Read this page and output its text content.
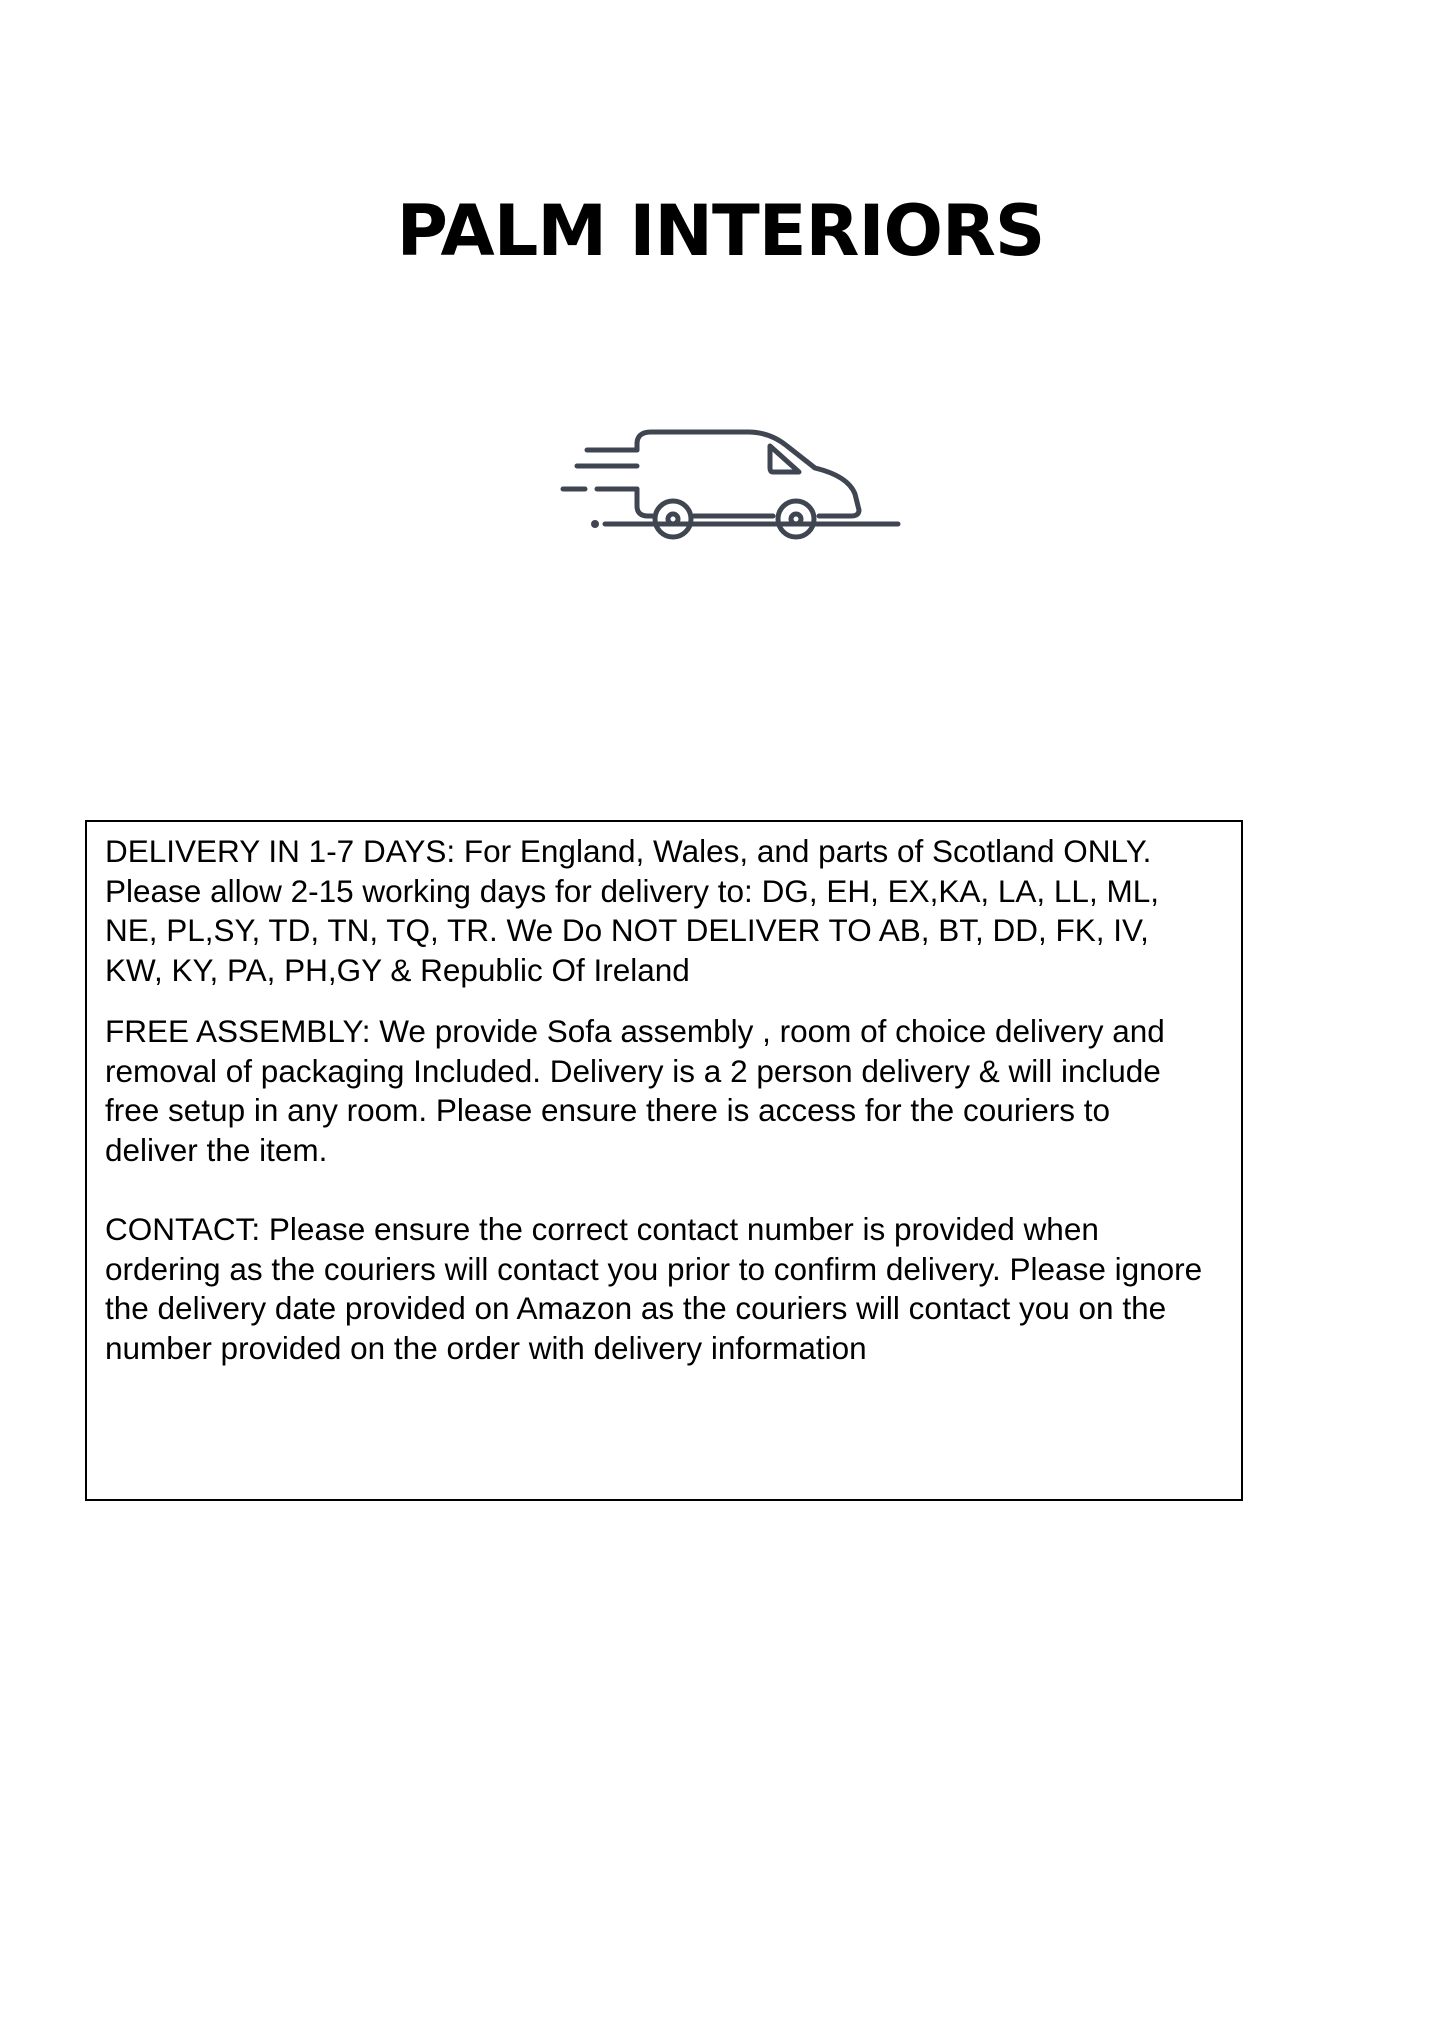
PALM INTERIORS

DELIVERY IN 1-7 DAYS: For England, Wales, and parts of Scotland ONLY. Please allow 2-15 working days for delivery to: DG, EH, EX,KA, LA, LL, ML, NE, PL,SY, TD, TN, TQ, TR. We Do NOT DELIVER TO AB, BT, DD, FK, IV, KW, KY, PA, PH,GY & Republic Of Ireland

FREE ASSEMBLY: We provide Sofa assembly , room of choice delivery and removal of packaging Included. Delivery is a 2 person delivery & will include free setup in any room. Please ensure there is access for the couriers to deliver the item.

CONTACT: Please ensure the correct contact number is provided when ordering as the couriers will contact you prior to confirm delivery. Please ignore the delivery date provided on Amazon as the couriers will contact you on the number provided on the order with delivery information
